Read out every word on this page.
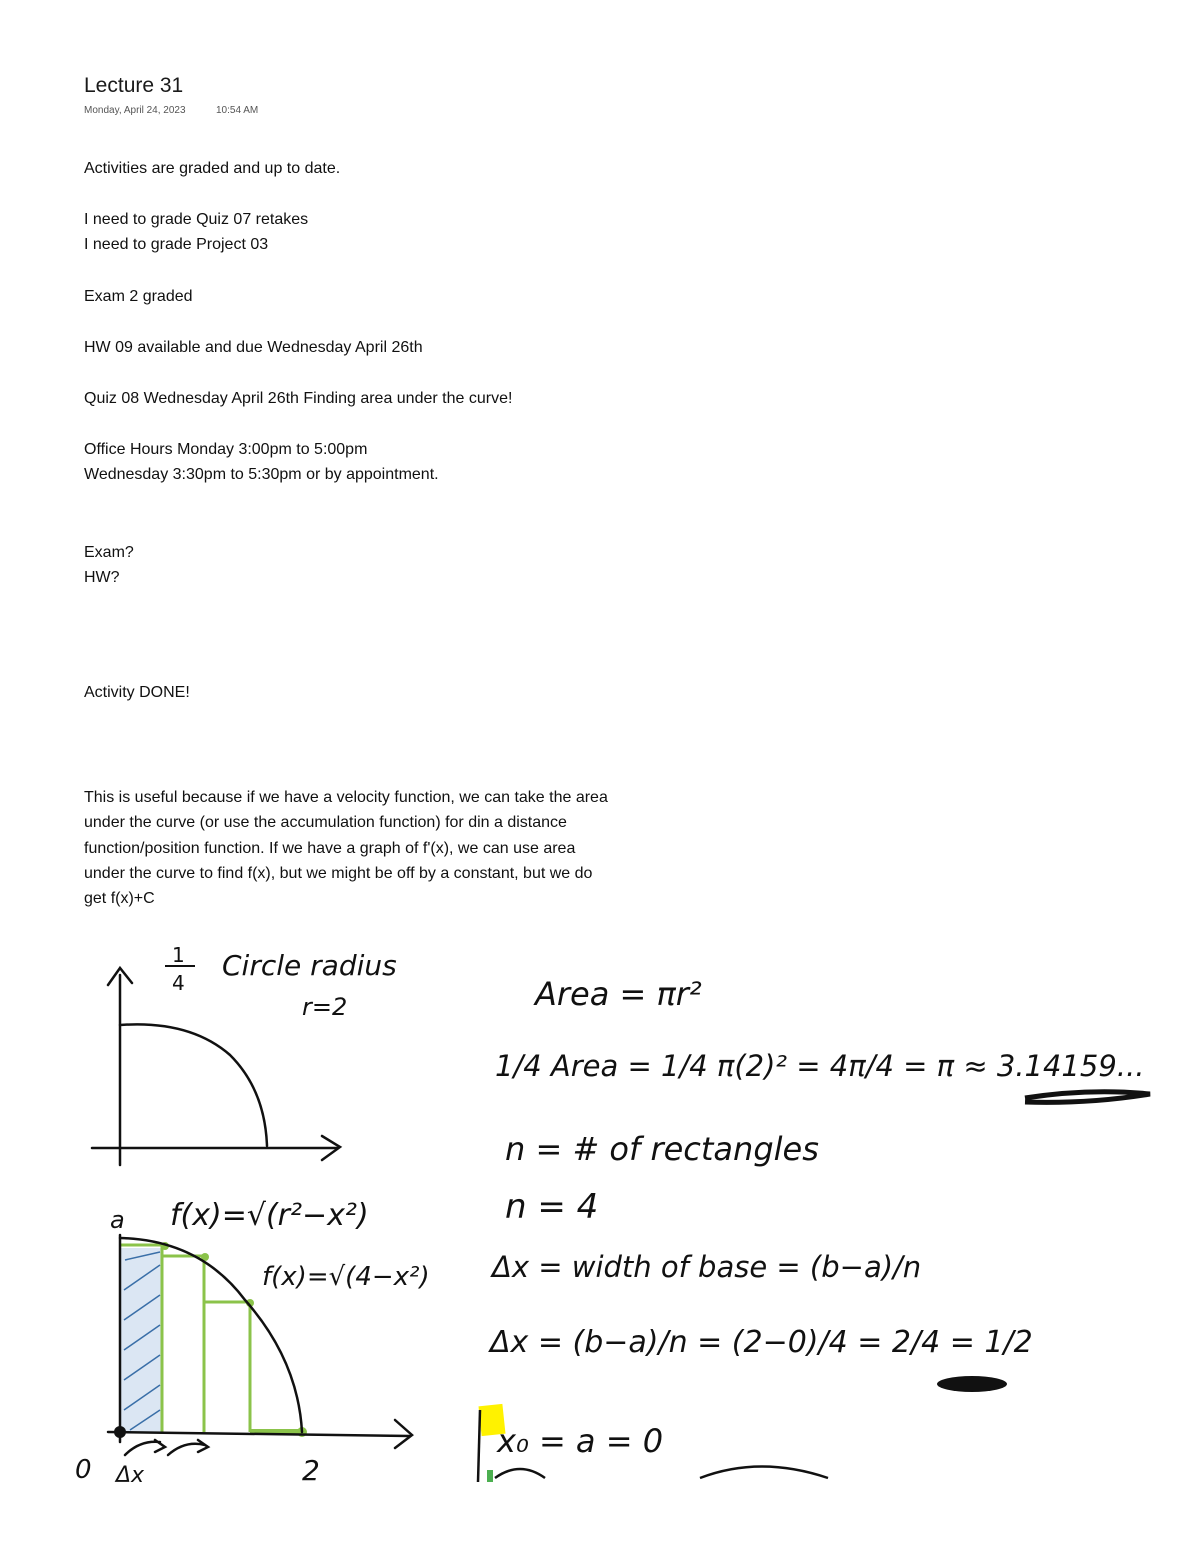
Lecture 31
Monday, April 24, 2023	10:54 AM
Activities are graded and up to date.
I need to grade Quiz 07 retakes
I need to grade Project 03
Exam 2 graded
HW 09 available and due Wednesday April 26th
Quiz 08 Wednesday April 26th Finding area under the curve!
Office Hours Monday 3:00pm to 5:00pm
Wednesday 3:30pm to 5:30pm or by appointment.
Exam?
HW?
Activity DONE!
This is useful because if we have a velocity function, we can take the area under the curve (or use the accumulation function) for din a distance function/position function. If we have a graph of f'(x), we can use area under the curve to find f(x), but we might be off by a constant, but we do get f(x)+C
1
4
Circle radius
r=2
f(x)=√(r²−x²)
a
f(x)=√(4−x²)
0 Δx	2
Area = πr²
1/4 Area = 1/4 π(2)² = 4π/4 = π ≈ 3.14159...
n = # of rectangles
n = 4
Δx = width of base = (b−a)/n
Δx = (b−a)/n = (2−0)/4 = 2/4 = 1/2
x₀ = a = 0
